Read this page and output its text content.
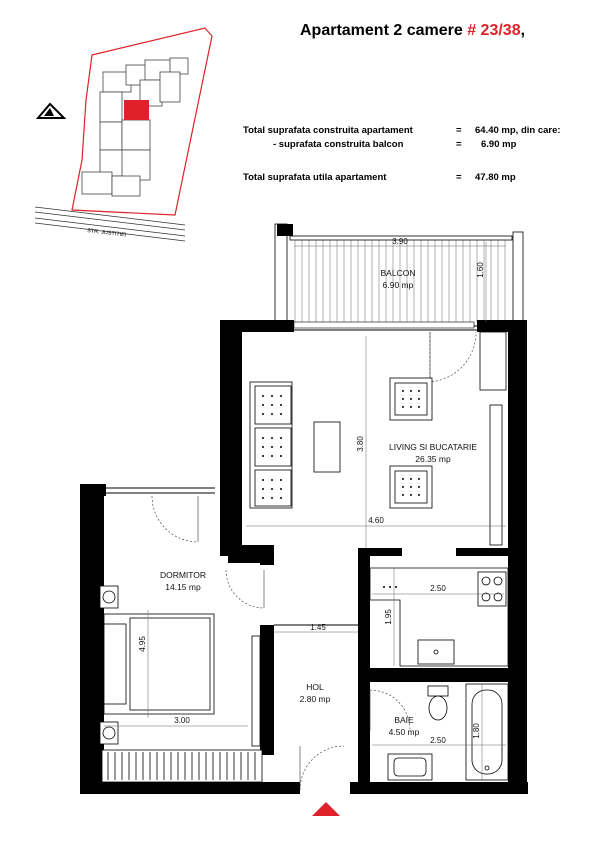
Apartament 2 camere # 23/38,
Total suprafata construita apartament	= 64.40 mp, din care:
- suprafata construita balcon	= 6.90 mp
Total suprafata utila apartament	= 47.80 mp
STR. JUSTITIEI
BALCON
6.90 mp
LIVING SI BUCATARIE
26.35 mp
DORMITOR
14.15 mp
HOL
2.80 mp
BAIE
4.50 mp
3.90
1.60
3.80
4.60
2.50
1.95
4.95
3.00
1.45
2.50
1.80
